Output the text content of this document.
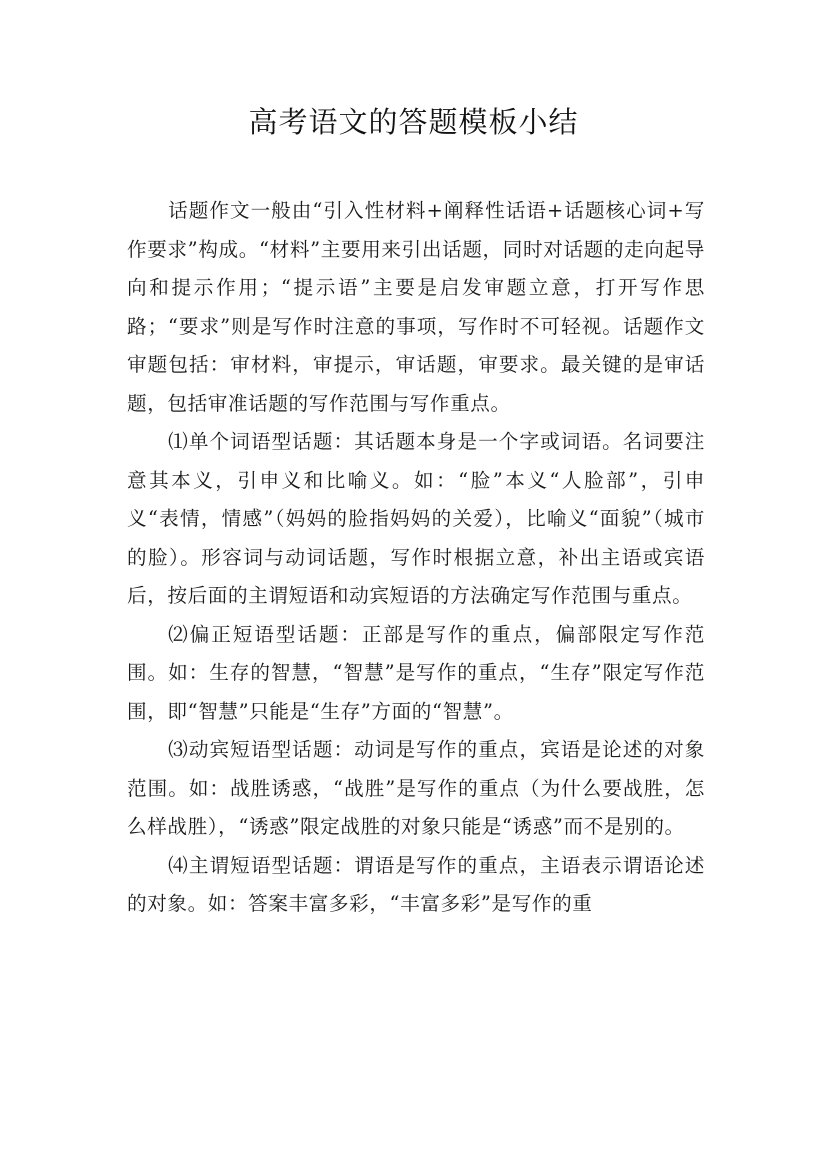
高考语文的答题模板小结

话题作文一般由“引入性材料+阐释性话语+话题核心词+写作要求”构成。“材料”主要用来引出话题，同时对话题的走向起导向和提示作用；“提示语”主要是启发审题立意，打开写作思路；“要求”则是写作时注意的事项，写作时不可轻视。话题作文审题包括：审材料，审提示，审话题，审要求。最关键的是审话题，包括审准话题的写作范围与写作重点。

⑴单个词语型话题：其话题本身是一个字或词语。名词要注意其本义，引申义和比喻义。如：“脸”本义“人脸部”，引申义“表情，情感”（妈妈的脸指妈妈的关爱），比喻义“面貌”（城市的脸）。形容词与动词话题，写作时根据立意，补出主语或宾语后，按后面的主谓短语和动宾短语的方法确定写作范围与重点。

⑵偏正短语型话题：正部是写作的重点，偏部限定写作范围。如：生存的智慧，“智慧”是写作的重点，“生存”限定写作范围，即“智慧”只能是“生存”方面的“智慧”。

⑶动宾短语型话题：动词是写作的重点，宾语是论述的对象范围。如：战胜诱惑，“战胜”是写作的重点（为什么要战胜，怎么样战胜），“诱惑”限定战胜的对象只能是“诱惑”而不是别的。

⑷主谓短语型话题：谓语是写作的重点，主语表示谓语论述的对象。如：答案丰富多彩，“丰富多彩”是写作的重
